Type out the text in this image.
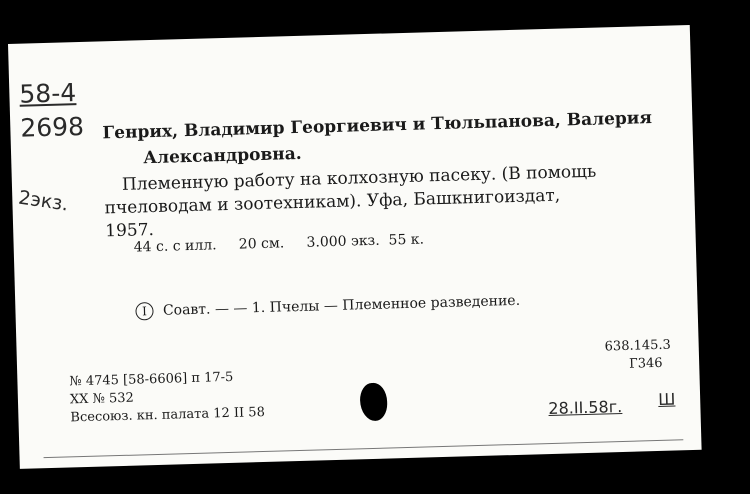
58-4
2698
2экз.
Генрих, Владимир Георгиевич и Тюльпанова, Валерия
Александровна.
Племенную работу на колхозную пасеку. (В помощь
пчеловодам и зоотехникам). Уфа, Башкнигоиздат,
1957.
44 с. с илл.     20 см.     3.000 экз.  55 к.
I Соавт. — — 1. Пчелы — Племенное разведение.
№ 4745 [58-6606] п 17-5
XX № 532
Всесоюз. кн. палата 12 II 58
638.145.3
Г346
28.II.58г. Ш
